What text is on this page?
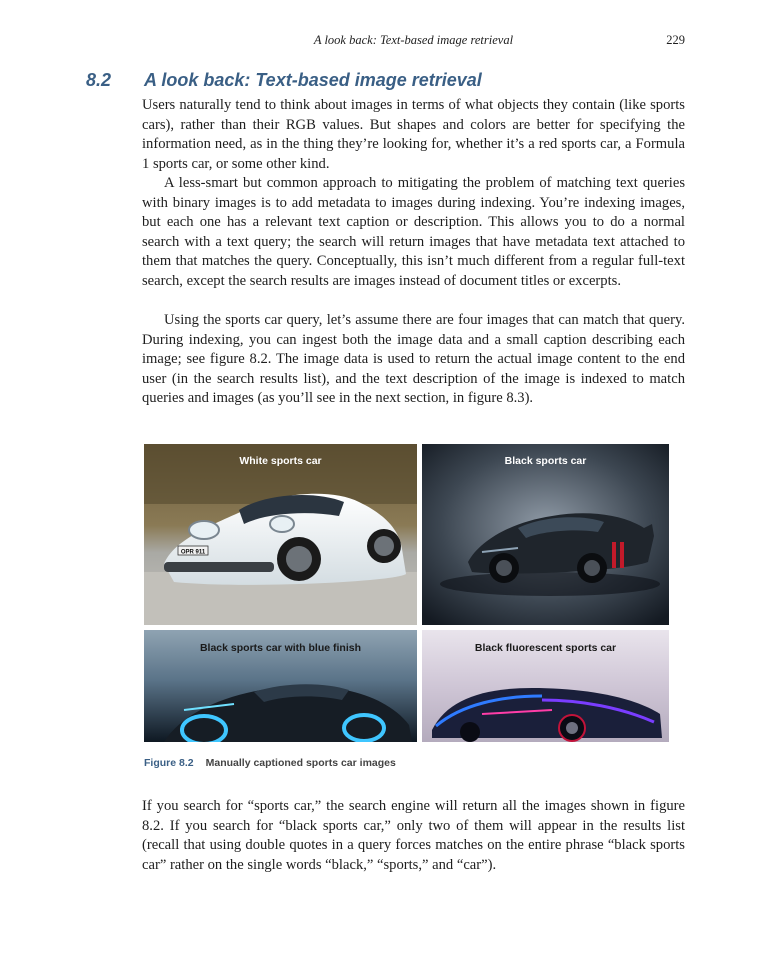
A look back: Text-based image retrieval	229
8.2 A look back: Text-based image retrieval

Users naturally tend to think about images in terms of what objects they contain (like sports cars), rather than their RGB values. But shapes and colors are better for specifying the information need, as in the thing they’re looking for, whether it’s a red sports car, a Formula 1 sports car, or some other kind.

A less-smart but common approach to mitigating the problem of matching text queries with binary images is to add metadata to images during indexing. You’re indexing images, but each one has a relevant text caption or description. This allows you to do a normal search with a text query; the search will return images that have metadata text attached to them that matches the query. Conceptually, this isn’t much different from a regular full-text search, except the search results are images instead of document titles or excerpts.

Using the sports car query, let’s assume there are four images that can match that query. During indexing, you can ingest both the image data and a small caption describing each image; see figure 8.2. The image data is used to return the actual image content to the end user (in the search results list), and the text description of the image is indexed to match queries and images (as you’ll see in the next section, in figure 8.3).

OPR 911
White sports car	Black sports car
Black sports car with blue finish	Black fluorescent sports car
Figure 8.2 Manually captioned sports car images

If you search for “sports car,” the search engine will return all the images shown in figure 8.2. If you search for “black sports car,” only two of them will appear in the results list (recall that using double quotes in a query forces matches on the entire phrase “black sports car” rather on the single words “black,” “sports,” and “car”).
